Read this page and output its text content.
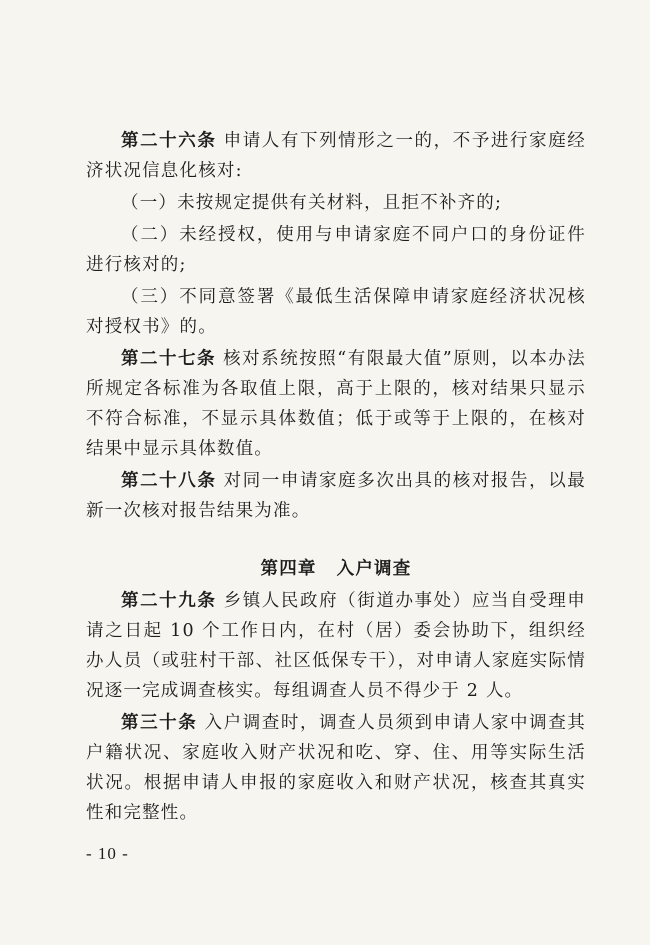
第二十六条 申请人有下列情形之一的，不予进行家庭经济状况信息化核对:

（一）未按规定提供有关材料，且拒不补齐的;

（二）未经授权，使用与申请家庭不同户口的身份证件进行核对的;

（三）不同意签署《最低生活保障申请家庭经济状况核对授权书》的。

第二十七条 核对系统按照“有限最大值”原则，以本办法所规定各标准为各取值上限，高于上限的，核对结果只显示不符合标准，不显示具体数值；低于或等于上限的，在核对结果中显示具体数值。

第二十八条 对同一申请家庭多次出具的核对报告，以最新一次核对报告结果为准。

第四章 入户调查

第二十九条 乡镇人民政府（街道办事处）应当自受理申请之日起 10 个工作日内，在村（居）委会协助下，组织经办人员（或驻村干部、社区低保专干），对申请人家庭实际情况逐一完成调查核实。每组调查人员不得少于 2 人。

第三十条 入户调查时，调查人员须到申请人家中调查其户籍状况、家庭收入财产状况和吃、穿、住、用等实际生活状况。根据申请人申报的家庭收入和财产状况，核查其真实性和完整性。

- 10 -
